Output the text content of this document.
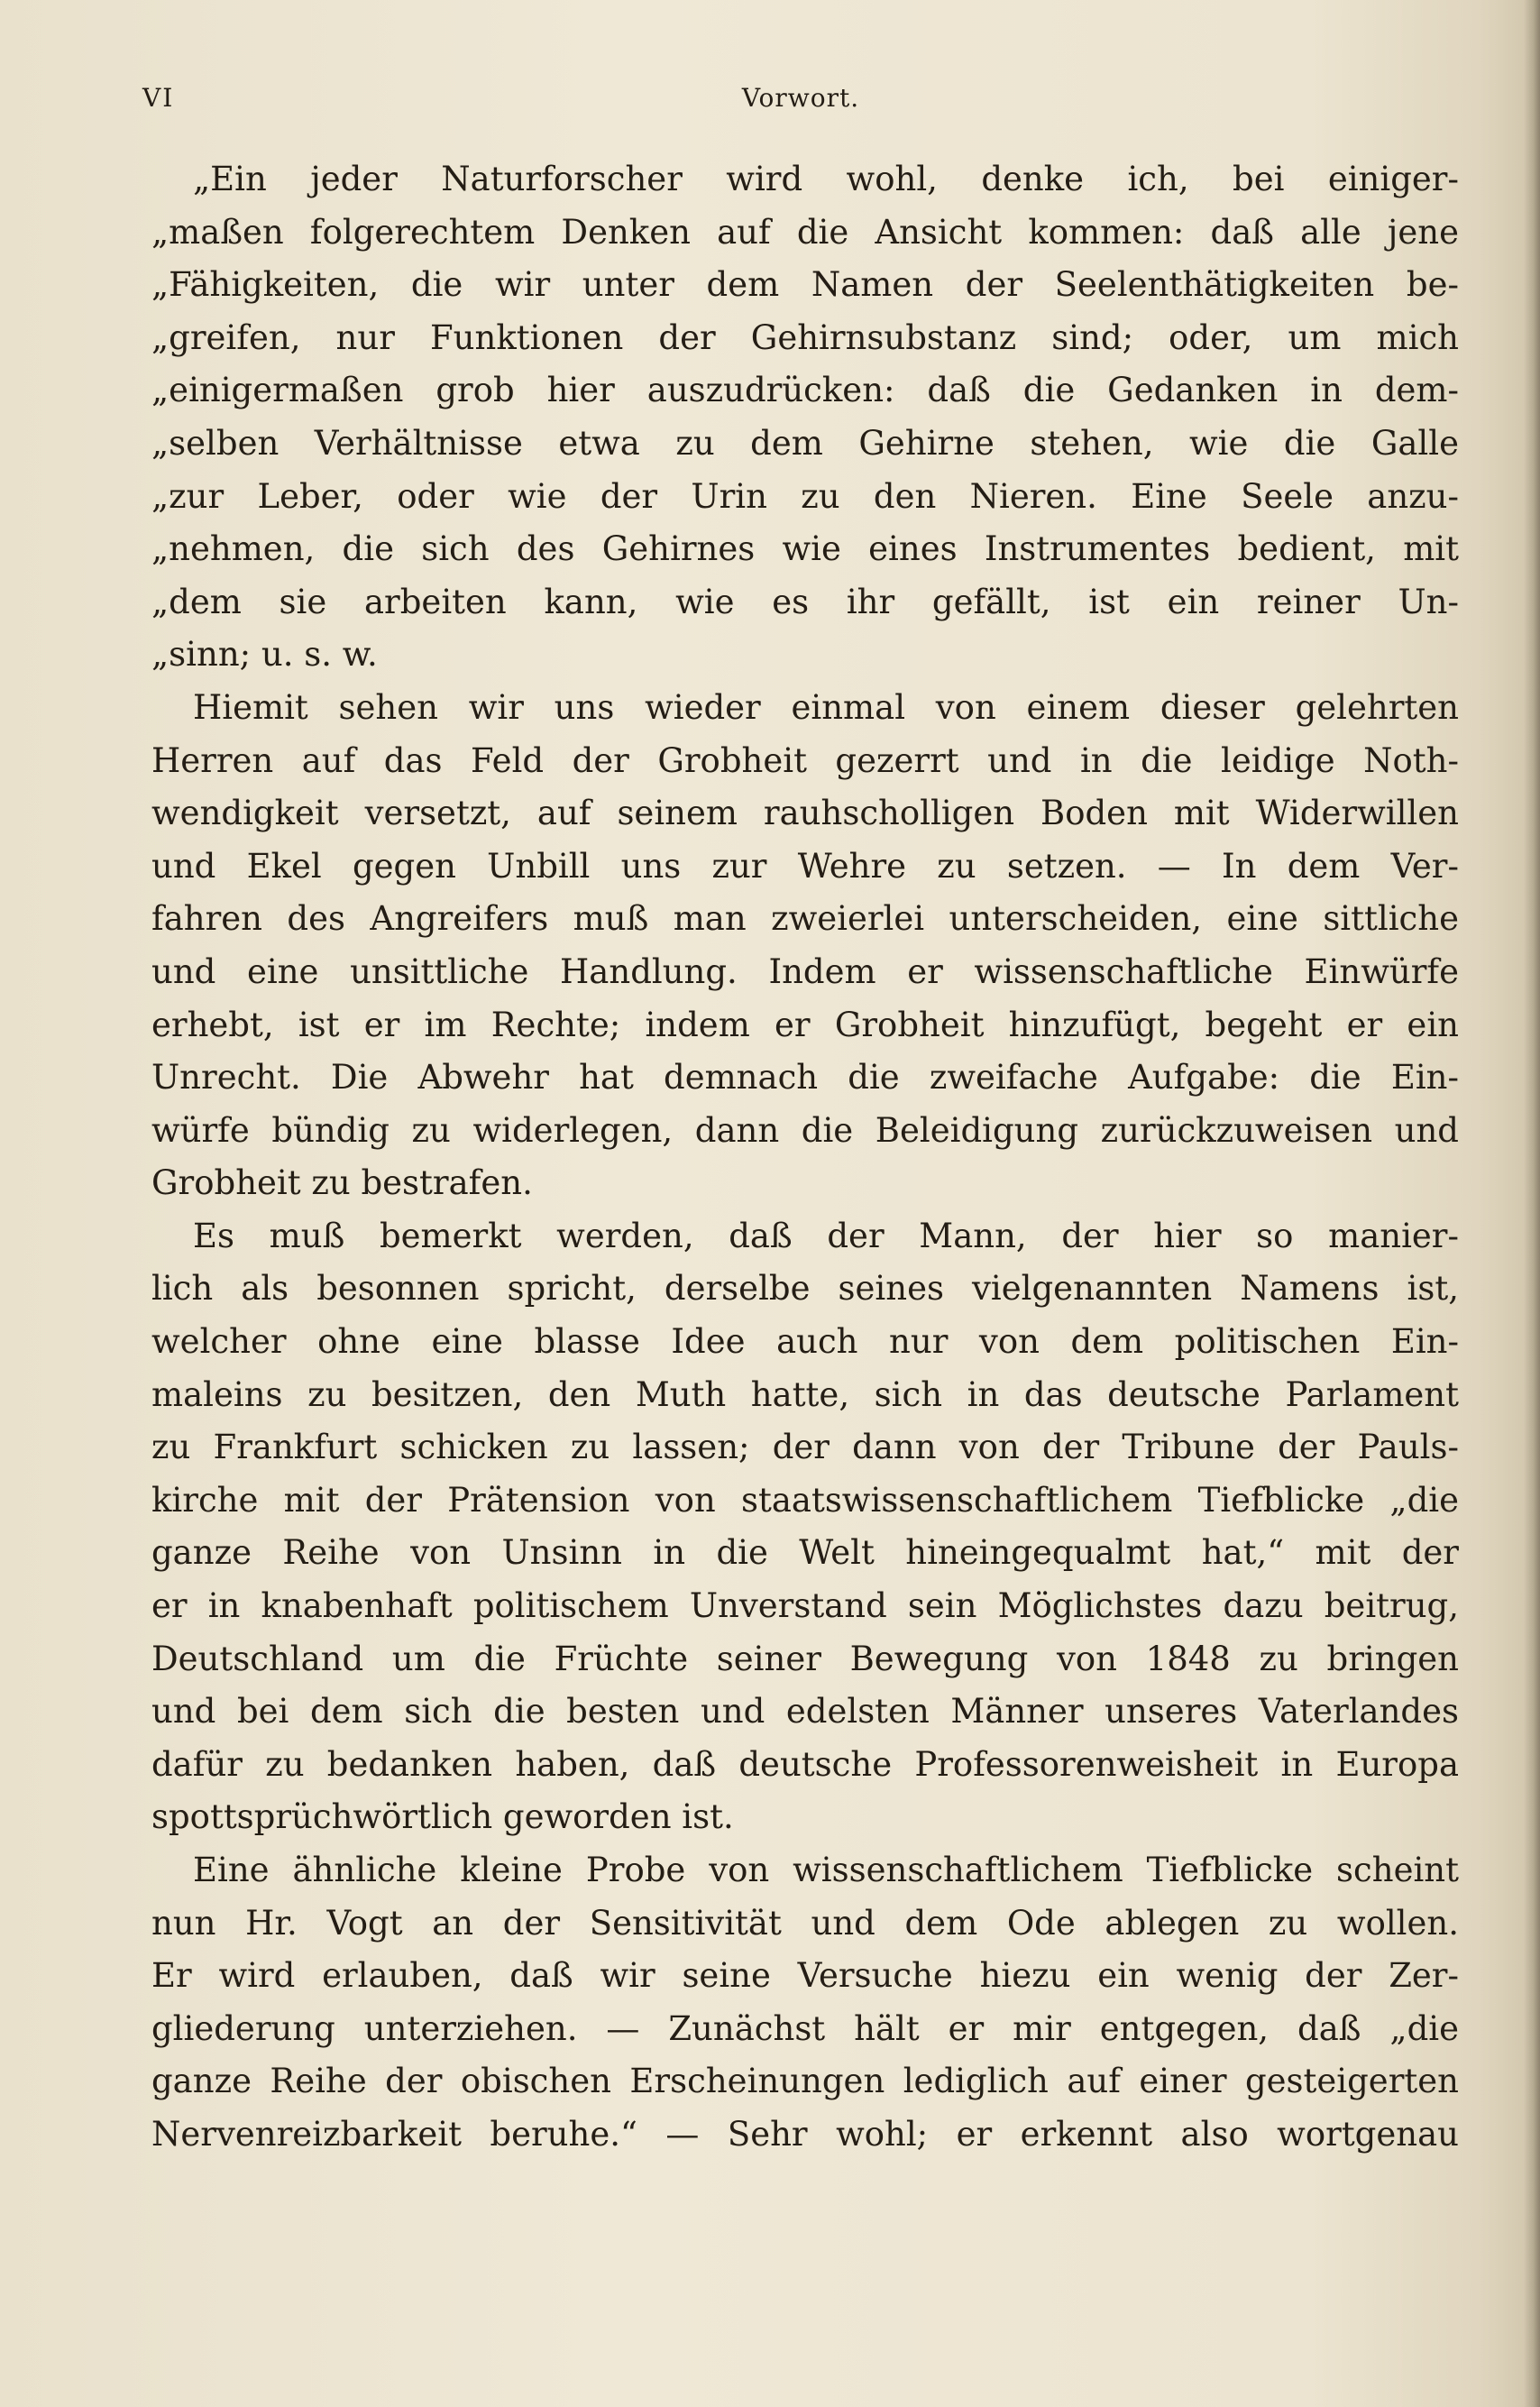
VI	Vorwort.
„Ein jeder Naturforscher wird wohl, denke ich, bei einiger-
„maßen folgerechtem Denken auf die Ansicht kommen: daß alle jene
„Fähigkeiten, die wir unter dem Namen der Seelenthätigkeiten be-
„greifen, nur Funktionen der Gehirnsubstanz sind; oder, um mich
„einigermaßen grob hier auszudrücken: daß die Gedanken in dem-
„selben Verhältnisse etwa zu dem Gehirne stehen, wie die Galle
„zur Leber, oder wie der Urin zu den Nieren. Eine Seele anzu-
„nehmen, die sich des Gehirnes wie eines Instrumentes bedient, mit
„dem sie arbeiten kann, wie es ihr gefällt, ist ein reiner Un-
„sinn; u. s. w.
Hiemit sehen wir uns wieder einmal von einem dieser gelehrten
Herren auf das Feld der Grobheit gezerrt und in die leidige Noth-
wendigkeit versetzt, auf seinem rauhscholligen Boden mit Widerwillen
und Ekel gegen Unbill uns zur Wehre zu setzen. — In dem Ver-
fahren des Angreifers muß man zweierlei unterscheiden, eine sittliche
und eine unsittliche Handlung. Indem er wissenschaftliche Einwürfe
erhebt, ist er im Rechte; indem er Grobheit hinzufügt, begeht er ein
Unrecht. Die Abwehr hat demnach die zweifache Aufgabe: die Ein-
würfe bündig zu widerlegen, dann die Beleidigung zurückzuweisen und
Grobheit zu bestrafen.
Es muß bemerkt werden, daß der Mann, der hier so manier-
lich als besonnen spricht, derselbe seines vielgenannten Namens ist,
welcher ohne eine blasse Idee auch nur von dem politischen Ein-
maleins zu besitzen, den Muth hatte, sich in das deutsche Parlament
zu Frankfurt schicken zu lassen; der dann von der Tribune der Pauls-
kirche mit der Prätension von staatswissenschaftlichem Tiefblicke „die
ganze Reihe von Unsinn in die Welt hineingequalmt hat,“ mit der
er in knabenhaft politischem Unverstand sein Möglichstes dazu beitrug,
Deutschland um die Früchte seiner Bewegung von 1848 zu bringen
und bei dem sich die besten und edelsten Männer unseres Vaterlandes
dafür zu bedanken haben, daß deutsche Professorenweisheit in Europa
spottsprüchwörtlich geworden ist.
Eine ähnliche kleine Probe von wissenschaftlichem Tiefblicke scheint
nun Hr. Vogt an der Sensitivität und dem Ode ablegen zu wollen.
Er wird erlauben, daß wir seine Versuche hiezu ein wenig der Zer-
gliederung unterziehen. — Zunächst hält er mir entgegen, daß „die
ganze Reihe der obischen Erscheinungen lediglich auf einer gesteigerten
Nervenreizbarkeit beruhe.“ — Sehr wohl; er erkennt also wortgenau
